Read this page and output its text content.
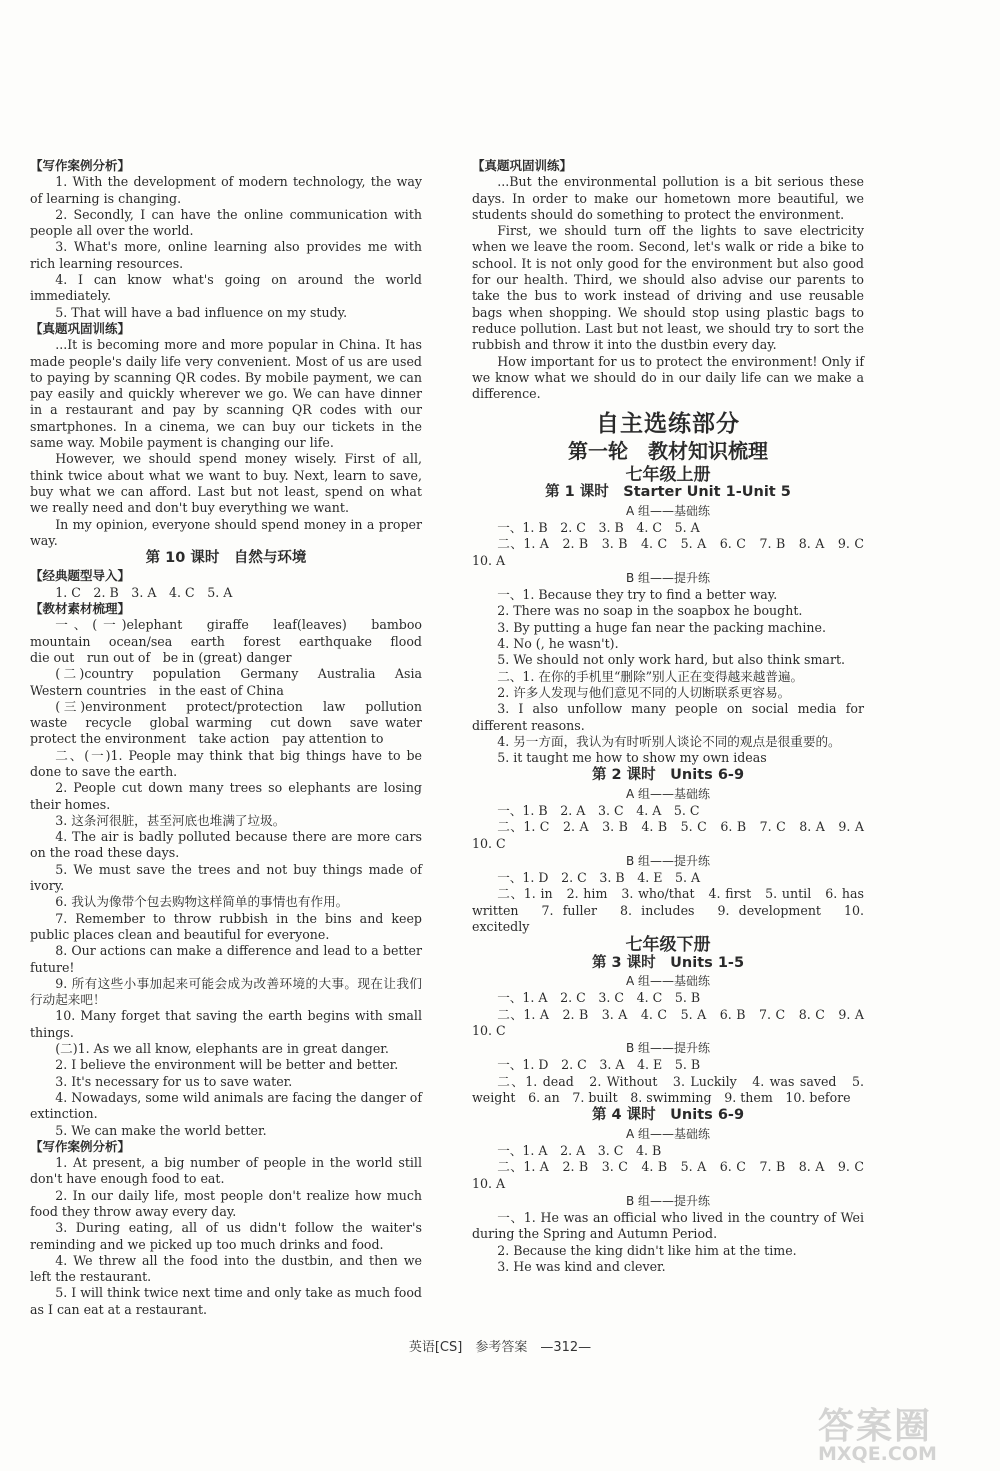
【写作案例分析】

1. With the development of modern technology, the way of learning is changing.

2. Secondly, I can have the online communication with people all over the world.

3. What's more, online learning also provides me with rich learning resources.

4. I can know what's going on around the world immediately.

5. That will have a bad influence on my study.

【真题巩固训练】

...It is becoming more and more popular in China. It has made people's daily life very convenient. Most of us are used to paying by scanning QR codes. By mobile payment, we can pay easily and quickly wherever we go. We can have dinner in a restaurant and pay by scanning QR codes with our smartphones. In a cinema, we can buy our tickets in the same way. Mobile payment is changing our life.

However, we should spend money wisely. First of all, think twice about what we want to buy. Next, learn to save, buy what we can afford. Last but not least, spend on what we really need and don't buy everything we want.

In my opinion, everyone should spend money in a proper way.

第 10 课时　自然与环境

【经典题型导入】

1. C　2. B　3. A　4. C　5. A

【教材素材梳理】

一、(一)elephant　giraffe　leaf(leaves)　bamboo　mountain　ocean/sea　earth　forest　earthquake　flood　die out　run out of　be in (great) danger

(二)country　population　Germany　Australia　Asia　Western countries　in the east of China

(三)environment　protect/protection　law　pollution　waste　recycle　global warming　cut down　save water　protect the environment　take action　pay attention to

二、(一)1. People may think that big things have to be done to save the earth.

2. People cut down many trees so elephants are losing their homes.

3. 这条河很脏，甚至河底也堆满了垃圾。

4. The air is badly polluted because there are more cars on the road these days.

5. We must save the trees and not buy things made of ivory.

6. 我认为像带个包去购物这样简单的事情也有作用。

7. Remember to throw rubbish in the bins and keep public places clean and beautiful for everyone.

8. Our actions can make a difference and lead to a better future!

9. 所有这些小事加起来可能会成为改善环境的大事。现在让我们行动起来吧！

10. Many forget that saving the earth begins with small things.

(二)1. As we all know, elephants are in great danger.

2. I believe the environment will be better and better.

3. It's necessary for us to save water.

4. Nowadays, some wild animals are facing the danger of extinction.

5. We can make the world better.

【写作案例分析】

1. At present, a big number of people in the world still don't have enough food to eat.

2. In our daily life, most people don't realize how much food they throw away every day.

3. During eating, all of us didn't follow the waiter's reminding and we picked up too much drinks and food.

4. We threw all the food into the dustbin, and then we left the restaurant.

5. I will think twice next time and only take as much food as I can eat at a restaurant.

【真题巩固训练】

...But the environmental pollution is a bit serious these days. In order to make our hometown more beautiful, we students should do something to protect the environment.

First, we should turn off the lights to save electricity when we leave the room. Second, let's walk or ride a bike to school. It is not only good for the environment but also good for our health. Third, we should also advise our parents to take the bus to work instead of driving and use reusable bags when shopping. We should stop using plastic bags to reduce pollution. Last but not least, we should try to sort the rubbish and throw it into the dustbin every day.

How important for us to protect the environment! Only if we know what we should do in our daily life can we make a difference.

自主选练部分

第一轮　教材知识梳理

七年级上册

第 1 课时　Starter Unit 1-Unit 5

A 组——基础练

一、1. B　2. C　3. B　4. C　5. A

二、1. A　2. B　3. B　4. C　5. A　6. C　7. B　8. A　9. C　10. A

B 组——提升练

一、1. Because they try to find a better way.

2. There was no soap in the soapbox he bought.

3. By putting a huge fan near the packing machine.

4. No (, he wasn't).

5. We should not only work hard, but also think smart.

二、1. 在你的手机里“删除”别人正在变得越来越普遍。

2. 许多人发现与他们意见不同的人切断联系更容易。

3. I also unfollow many people on social media for different reasons.

4. 另一方面，我认为有时听别人谈论不同的观点是很重要的。

5. it taught me how to show my own ideas

第 2 课时　Units 6-9

A 组——基础练

一、1. B　2. A　3. C　4. A　5. C

二、1. C　2. A　3. B　4. B　5. C　6. B　7. C　8. A　9. A　10. C

B 组——提升练

一、1. D　2. C　3. B　4. E　5. A

二、1. in　2. him　3. who/that　4. first　5. until　6. has written　7. fuller　8. includes　9. development　10. excitedly

七年级下册

第 3 课时　Units 1-5

A 组——基础练

一、1. A　2. C　3. C　4. C　5. B

二、1. A　2. B　3. A　4. C　5. A　6. B　7. C　8. C　9. A　10. C

B 组——提升练

一、1. D　2. C　3. A　4. E　5. B

二、1. dead　2. Without　3. Luckily　4. was saved　5. weight　6. an　7. built　8. swimming　9. them　10. before

第 4 课时　Units 6-9

A 组——基础练

一、1. A　2. A　3. C　4. B

二、1. A　2. B　3. C　4. B　5. A　6. C　7. B　8. A　9. C　10. A

B 组——提升练

一、1. He was an official who lived in the country of Wei during the Spring and Autumn Period.

2. Because the king didn't like him at the time.

3. He was kind and clever.

英语[CS]　参考答案　—312—
答案圈
MXQE.COM
